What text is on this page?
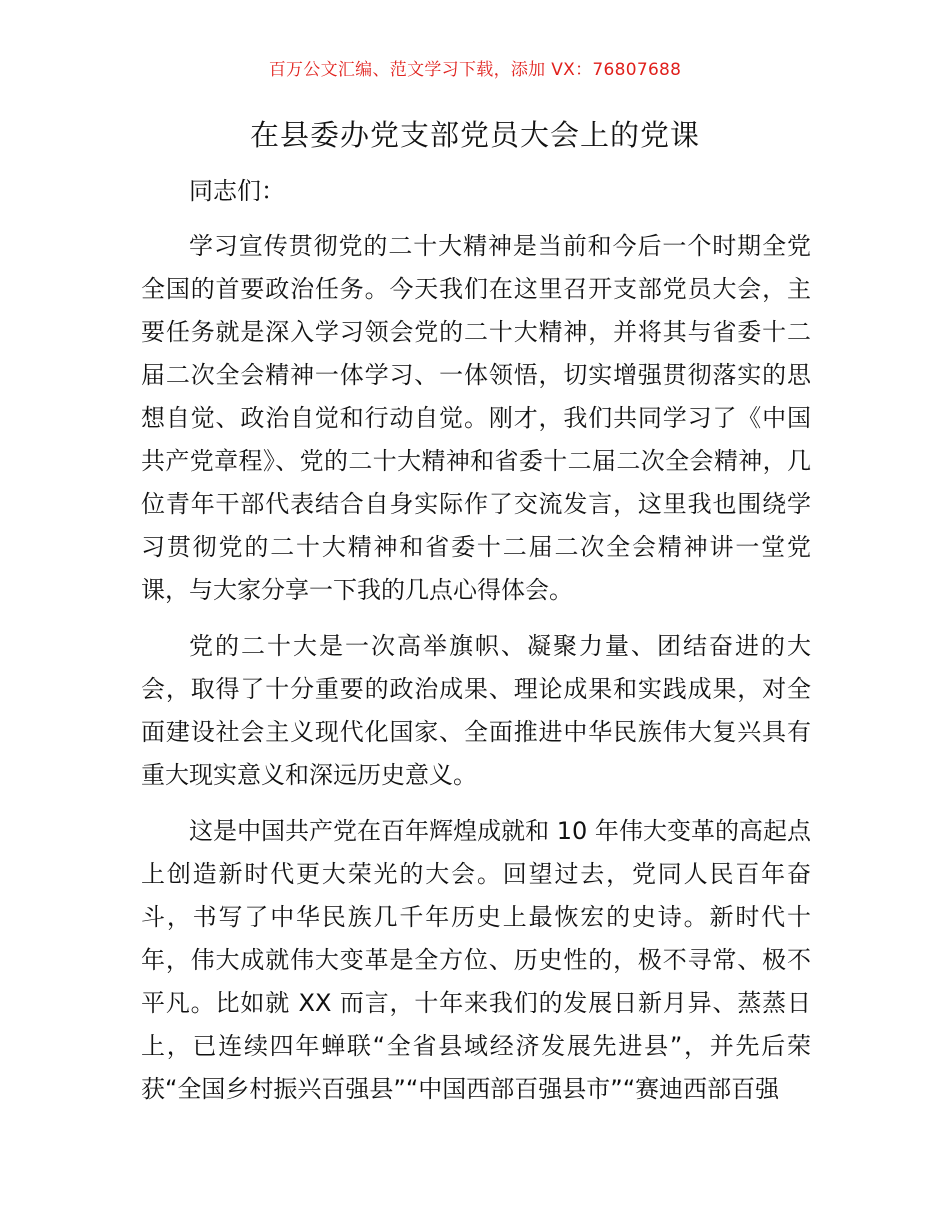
百万公文汇编、范文学习下载，添加 VX：76807688
在县委办党支部党员大会上的党课

同志们：

学习宣传贯彻党的二十大精神是当前和今后一个时期全党全国的首要政治任务。今天我们在这里召开支部党员大会，主要任务就是深入学习领会党的二十大精神，并将其与省委十二届二次全会精神一体学习、一体领悟，切实增强贯彻落实的思想自觉、政治自觉和行动自觉。刚才，我们共同学习了《中国共产党章程》、党的二十大精神和省委十二届二次全会精神，几位青年干部代表结合自身实际作了交流发言，这里我也围绕学习贯彻党的二十大精神和省委十二届二次全会精神讲一堂党课，与大家分享一下我的几点心得体会。

党的二十大是一次高举旗帜、凝聚力量、团结奋进的大会，取得了十分重要的政治成果、理论成果和实践成果，对全面建设社会主义现代化国家、全面推进中华民族伟大复兴具有重大现实意义和深远历史意义。

这是中国共产党在百年辉煌成就和 10 年伟大变革的高起点上创造新时代更大荣光的大会。回望过去，党同人民百年奋斗，书写了中华民族几千年历史上最恢宏的史诗。新时代十年，伟大成就伟大变革是全方位、历史性的，极不寻常、极不平凡。比如就 XX 而言，十年来我们的发展日新月异、蒸蒸日上，已连续四年蝉联“全省县域经济发展先进县”，并先后荣获“全国乡村振兴百强县”“中国西部百强县市”“赛迪西部百强
